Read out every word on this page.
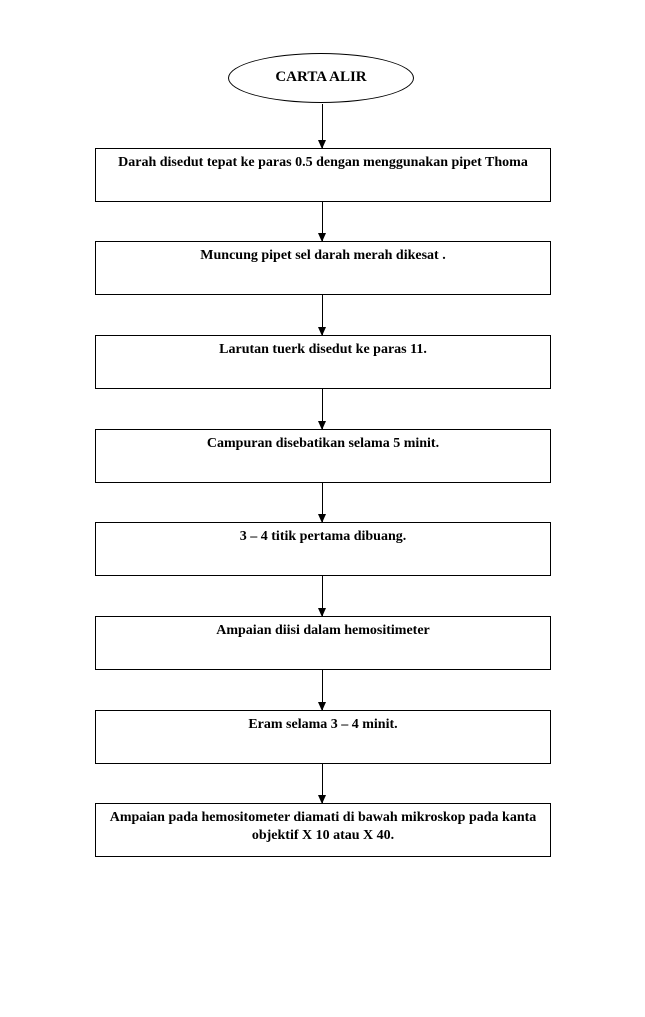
CARTA ALIR
Darah disedut tepat ke paras 0.5 dengan menggunakan pipet Thoma
Muncung pipet sel darah merah dikesat .
Larutan tuerk disedut ke paras 11.
Campuran disebatikan selama 5 minit.
3 – 4 titik pertama dibuang.
Ampaian diisi dalam hemositimeter
Eram selama 3 – 4 minit.
Ampaian pada hemositometer diamati di bawah mikroskop pada kanta objektif X 10 atau X 40.
